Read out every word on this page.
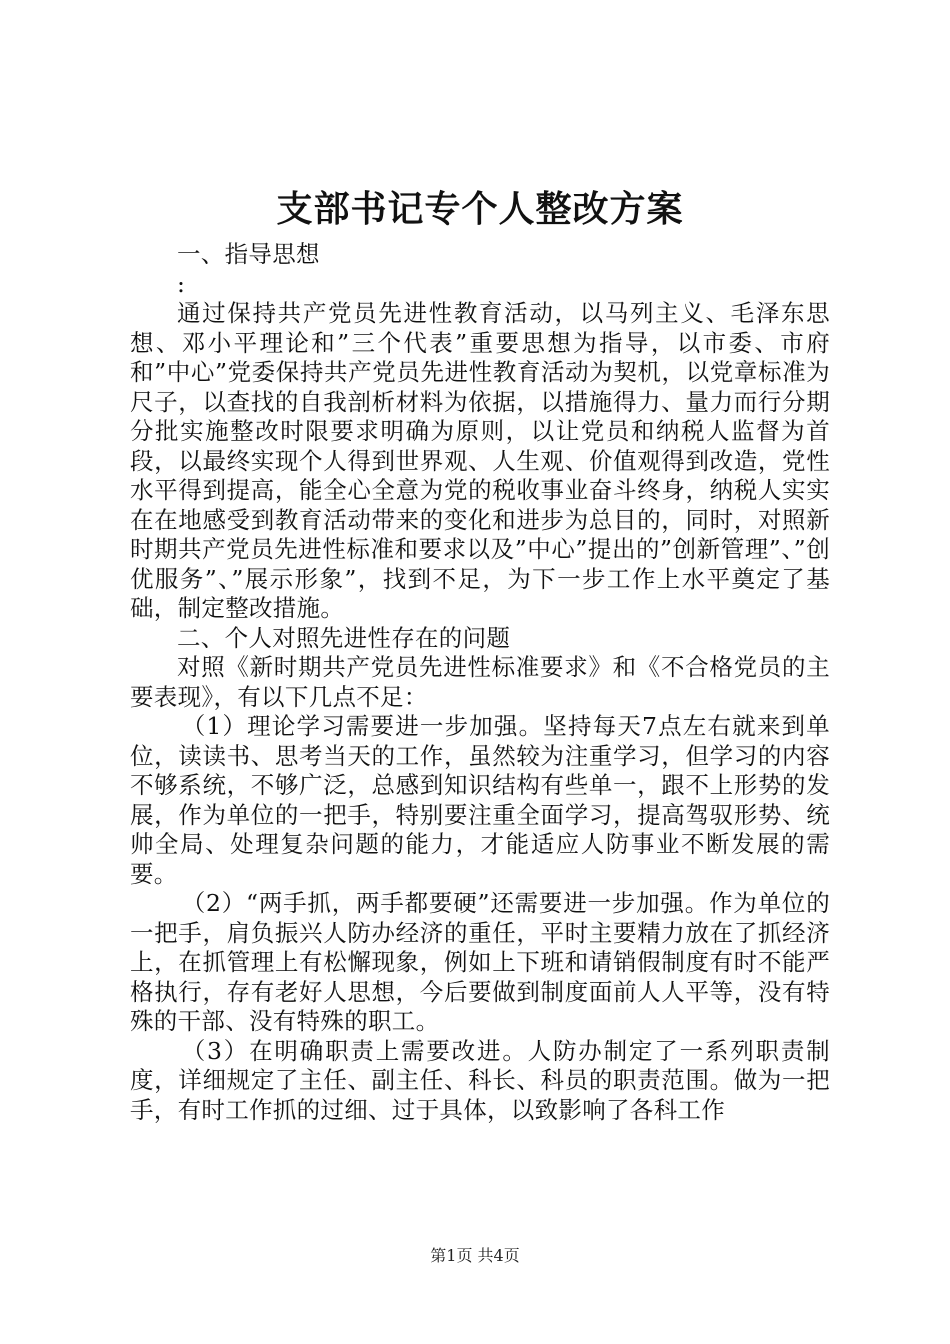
支部书记专个人整改方案

一、指导思想

:

通过保持共产党员先进性教育活动，以马列主义、毛泽东思想、邓小平理论和”三个代表”重要思想为指导，以市委、市府和”中心”党委保持共产党员先进性教育活动为契机，以党章标准为尺子，以查找的自我剖析材料为依据，以措施得力、量力而行分期分批实施整改时限要求明确为原则，以让党员和纳税人监督为首段，以最终实现个人得到世界观、人生观、价值观得到改造，党性水平得到提高，能全心全意为党的税收事业奋斗终身，纳税人实实在在地感受到教育活动带来的变化和进步为总目的，同时，对照新时期共产党员先进性标准和要求以及”中心”提出的”创新管理”、”创优服务”、”展示形象”，找到不足，为下一步工作上水平奠定了基础，制定整改措施。

二、个人对照先进性存在的问题

对照《新时期共产党员先进性标准要求》和《不合格党员的主要表现》，有以下几点不足：

（1）理论学习需要进一步加强。坚持每天7点左右就来到单位，读读书、思考当天的工作，虽然较为注重学习，但学习的内容不够系统，不够广泛，总感到知识结构有些单一，跟不上形势的发展，作为单位的一把手，特别要注重全面学习，提高驾驭形势、统帅全局、处理复杂问题的能力，才能适应人防事业不断发展的需要。

（2）“两手抓，两手都要硬”还需要进一步加强。作为单位的一把手，肩负振兴人防办经济的重任，平时主要精力放在了抓经济上，在抓管理上有松懈现象，例如上下班和请销假制度有时不能严格执行，存有老好人思想，今后要做到制度面前人人平等，没有特殊的干部、没有特殊的职工。

（3）在明确职责上需要改进。人防办制定了一系列职责制度，详细规定了主任、副主任、科长、科员的职责范围。做为一把手，有时工作抓的过细、过于具体，以致影响了各科工作

第1页 共4页
